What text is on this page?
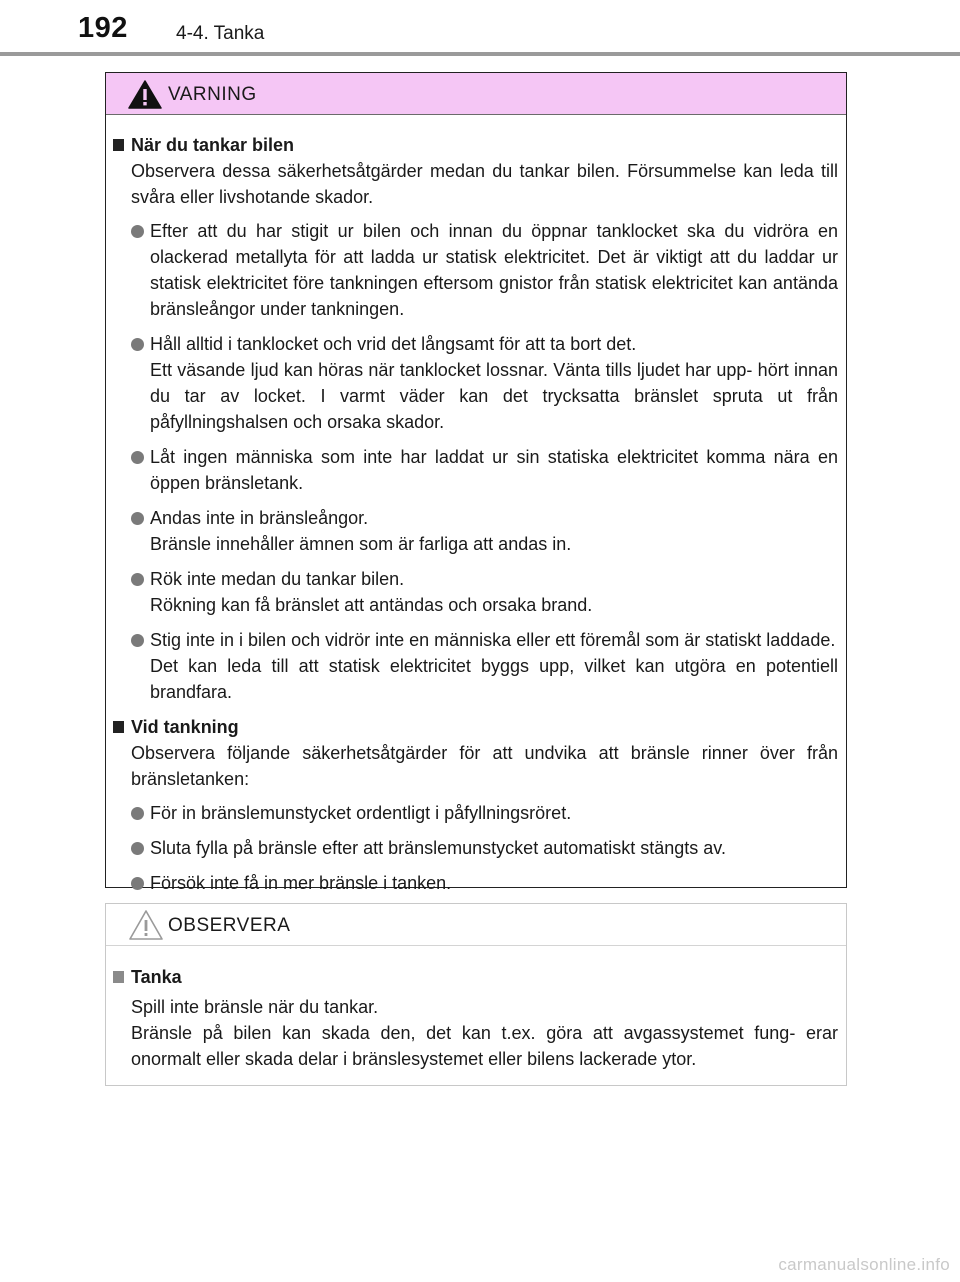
192	4-4. Tanka
VARNING
När du tankar bilen
Observera dessa säkerhetsåtgärder medan du tankar bilen. Försummelse kan leda till svåra eller livshotande skador.
Efter att du har stigit ur bilen och innan du öppnar tanklocket ska du vidröra en olackerad metallyta för att ladda ur statisk elektricitet. Det är viktigt att du laddar ur statisk elektricitet före tankningen eftersom gnistor från statisk elektricitet kan antända bränsleångor under tankningen.
Håll alltid i tanklocket och vrid det långsamt för att ta bort det.
Ett väsande ljud kan höras när tanklocket lossnar. Vänta tills ljudet har upp- hört innan du tar av locket. I varmt väder kan det trycksatta bränslet spruta ut från påfyllningshalsen och orsaka skador.
Låt ingen människa som inte har laddat ur sin statiska elektricitet komma nära en öppen bränsletank.
Andas inte in bränsleångor.
Bränsle innehåller ämnen som är farliga att andas in.
Rök inte medan du tankar bilen.
Rökning kan få bränslet att antändas och orsaka brand.
Stig inte in i bilen och vidrör inte en människa eller ett föremål som är statiskt laddade.
Det kan leda till att statisk elektricitet byggs upp, vilket kan utgöra en potentiell brandfara.
Vid tankning
Observera följande säkerhetsåtgärder för att undvika att bränsle rinner över från bränsletanken:
För in bränslemunstycket ordentligt i påfyllningsröret.
Sluta fylla på bränsle efter att bränslemunstycket automatiskt stängts av.
Försök inte få in mer bränsle i tanken.
OBSERVERA
Tanka
Spill inte bränsle när du tankar.
Bränsle på bilen kan skada den, det kan t.ex. göra att avgassystemet fung- erar onormalt eller skada delar i bränslesystemet eller bilens lackerade ytor.
carmanualsonline.info
